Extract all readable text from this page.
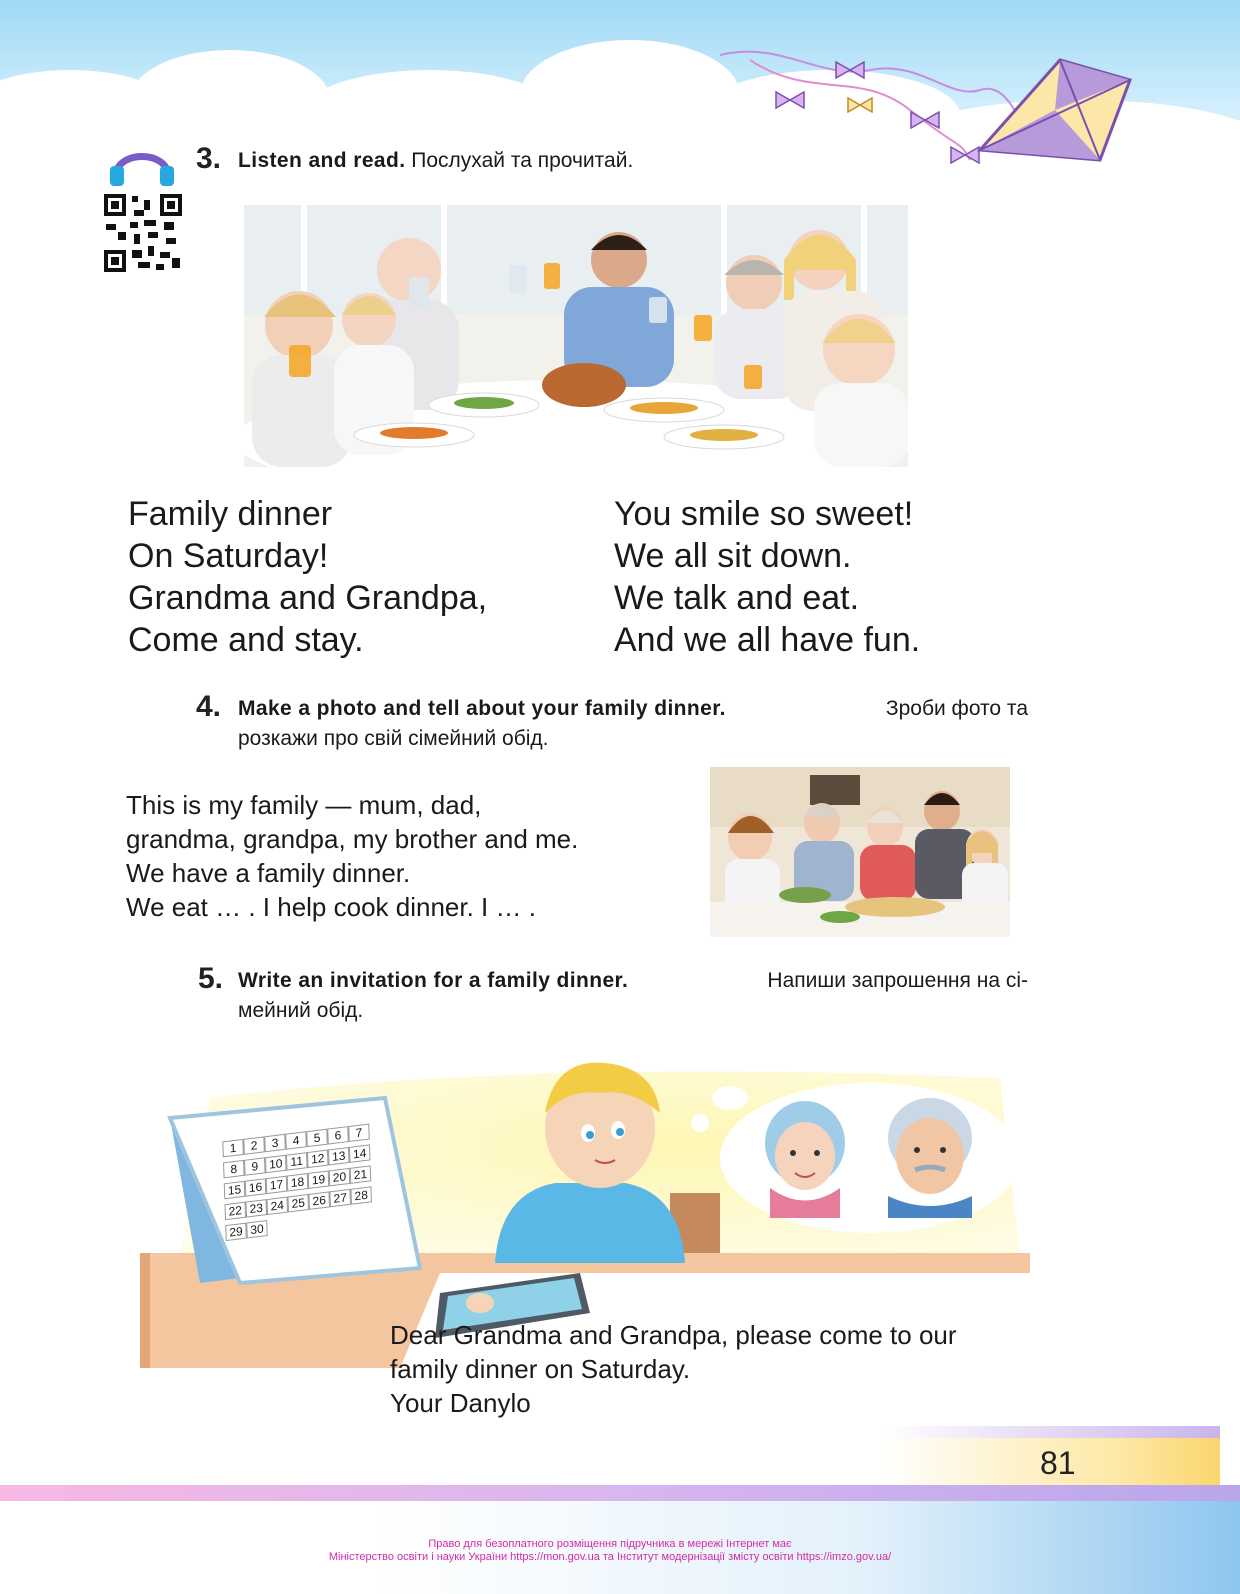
3. Listen and read. Послухай та прочитай.
Family dinner
On Saturday!
Grandma and Grandpa,
Come and stay.
You smile so sweet!
We all sit down.
We talk and eat.
And we all have fun.
4. Make a photo and tell about your family dinner.	Зроби фото та
розкажи про свій сімейний обід.
This is my family — mum, dad,
grandma, grandpa, my brother and me.
We have a family dinner.
We eat … . I help cook dinner. I … .
5. Write an invitation for a family dinner.	Напиши запрошення на сі-
мейний обід.
1	2	3	4	5	6	7
8	9 10 11 12 13 14
15 16 17 18 19 20 21
22 23 24 25 26 27 28
29 30
Dear Grandma and Grandpa, please come to our
family dinner on Saturday.
Your Danylo
81
Право для безоплатного розміщення підручника в мережі Інтернет має
Міністерство освіти і науки України https://mon.gov.ua та Інститут модернізації змісту освіти https://imzo.gov.ua/
